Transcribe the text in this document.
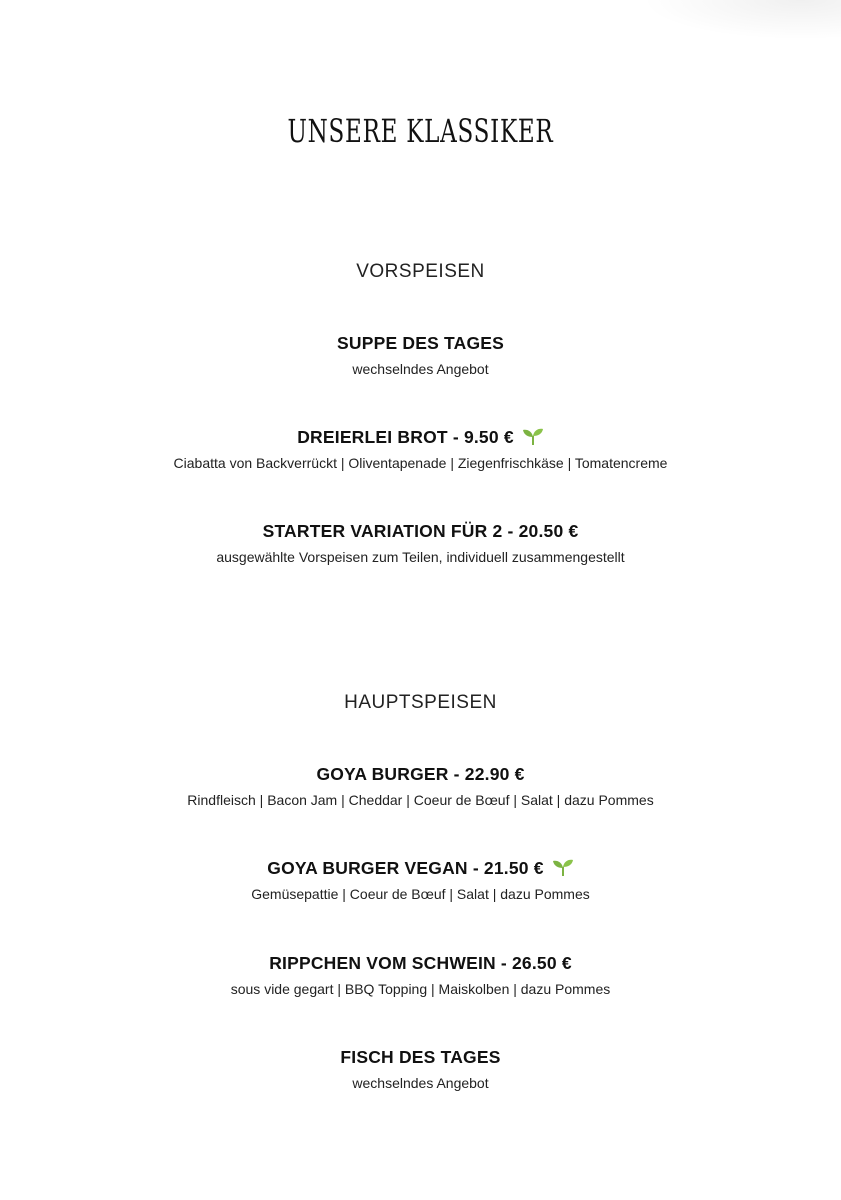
UNSERE KLASSIKER
VORSPEISEN
SUPPE DES TAGES
wechselndes Angebot
DREIERLEI BROT - 9.50 €
Ciabatta von Backverrückt | Oliventapenade | Ziegenfrischkäse | Tomatencreme
STARTER VARIATION FÜR 2 - 20.50 €
ausgewählte Vorspeisen zum Teilen, individuell zusammengestellt
HAUPTSPEISEN
GOYA BURGER - 22.90 €
Rindfleisch | Bacon Jam | Cheddar | Coeur de Bœuf | Salat | dazu Pommes
GOYA BURGER VEGAN - 21.50 €
Gemüsepattie | Coeur de Bœuf | Salat | dazu Pommes
RIPPCHEN VOM SCHWEIN - 26.50 €
sous vide gegart | BBQ Topping | Maiskolben | dazu Pommes
FISCH DES TAGES
wechselndes Angebot
